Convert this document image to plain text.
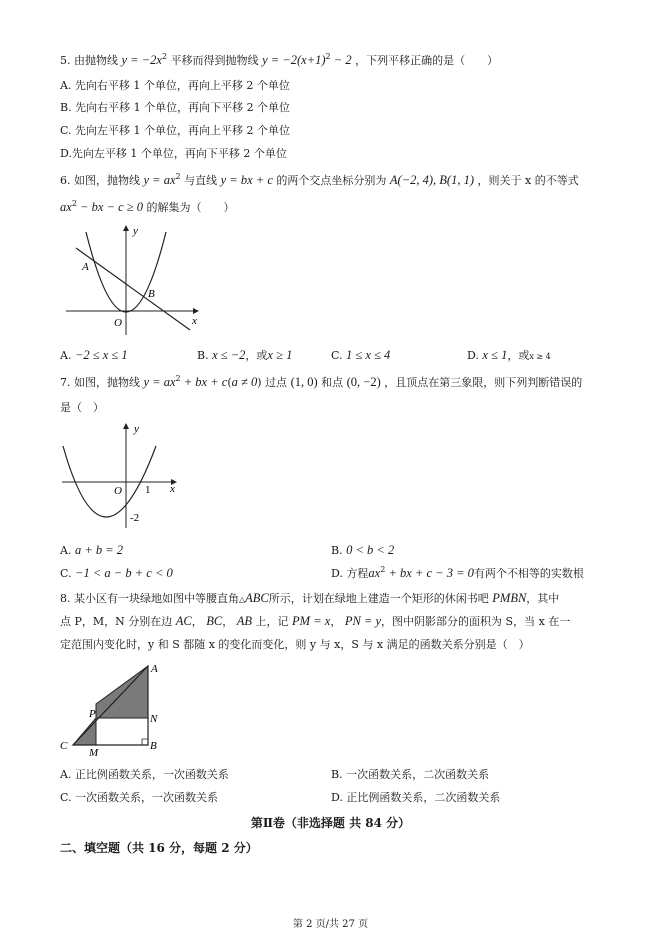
5. 由抛物线 $y = -2x^2$ 平移而得到抛物线 $y = -2(x+1)^2 - 2$ ，下列平移正确的是（　　）
A. 先向右平移 1 个单位，再向上平移 2 个单位
B. 先向右平移 1 个单位，再向下平移 2 个单位
C. 先向左平移 1 个单位，再向上平移 2 个单位
D.先向左平移 1 个单位，再向下平移 2 个单位
6. 如图，抛物线 $y = ax^2$ 与直线 y = bx + c 的两个交点坐标分别为 A(−2, 4), B(1, 1) ，则关于 x 的不等式
$ax^2$ − bx − c ≥ 0 的解集为（　　）
y
x
O
A
B
A. −2 ≤ x ≤ 1	B. x ≤ −2，或x ≥ 1	C. 1 ≤ x ≤ 4	D. x ≤ 1，或x ≥ 4
7. 如图，抛物线 $y = ax^2$ + bx + c(a ≠ 0) 过点 (1, 0) 和点 (0, −2) ，且顶点在第三象限，则下列判断错误的
是（　）
y
x
O 1
-2
A. a + b = 2	B. 0 < b < 2
C. −1 < a − b + c < 0	D. 方程$ax^2$ + bx + c − 3 = 0有两个不相等的实数根
8. 某小区有一块绿地如图中等腰直角△ABC所示，计划在绿地上建造一个矩形的休闲书吧 PMBN，其中
点 P，M，N 分别在边 AC， BC， AB 上，记 PM = x， PN = y，图中阴影部分的面积为 S，当 x 在一
定范围内变化时，y 和 S 都随 x 的变化而变化，则 y 与 x，S 与 x 满足的函数关系分别是（　）
A
B
C
P
M
N
A. 正比例函数关系，一次函数关系	B. 一次函数关系，二次函数关系
C. 一次函数关系，一次函数关系	D. 正比例函数关系，二次函数关系
第Ⅱ卷（非选择题 共 84 分）
二、填空题（共 16 分，每题 2 分）
第 2 页/共 27 页
